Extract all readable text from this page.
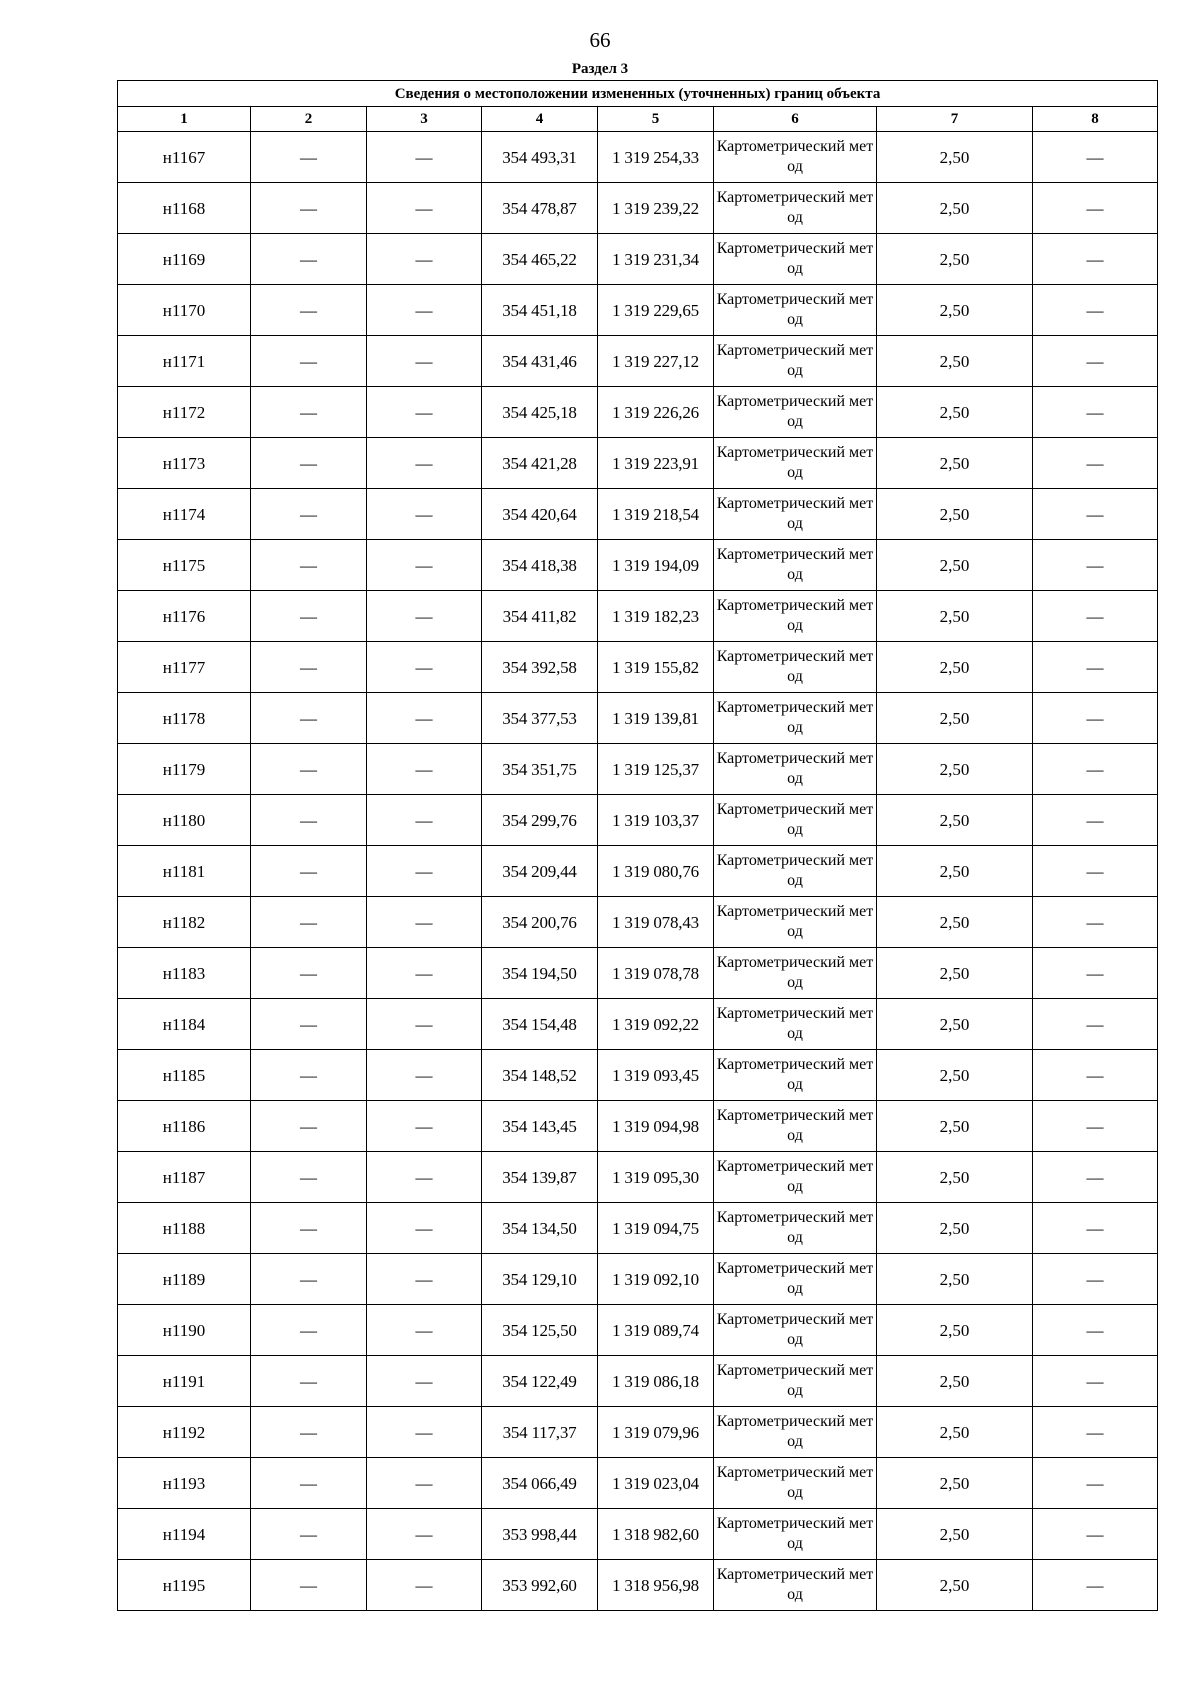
66
Раздел 3
Сведения о местоположении измененных (уточненных) границ объекта							
1	2	3	4	5	6	7	8
н1167	—	—	354 493,31	1 319 254,33	Картометрический метод	2,50	—
н1168	—	—	354 478,87	1 319 239,22	Картометрический метод	2,50	—
н1169	—	—	354 465,22	1 319 231,34	Картометрический метод	2,50	—
н1170	—	—	354 451,18	1 319 229,65	Картометрический метод	2,50	—
н1171	—	—	354 431,46	1 319 227,12	Картометрический метод	2,50	—
н1172	—	—	354 425,18	1 319 226,26	Картометрический метод	2,50	—
н1173	—	—	354 421,28	1 319 223,91	Картометрический метод	2,50	—
н1174	—	—	354 420,64	1 319 218,54	Картометрический метод	2,50	—
н1175	—	—	354 418,38	1 319 194,09	Картометрический метод	2,50	—
н1176	—	—	354 411,82	1 319 182,23	Картометрический метод	2,50	—
н1177	—	—	354 392,58	1 319 155,82	Картометрический метод	2,50	—
н1178	—	—	354 377,53	1 319 139,81	Картометрический метод	2,50	—
н1179	—	—	354 351,75	1 319 125,37	Картометрический метод	2,50	—
н1180	—	—	354 299,76	1 319 103,37	Картометрический метод	2,50	—
н1181	—	—	354 209,44	1 319 080,76	Картометрический метод	2,50	—
н1182	—	—	354 200,76	1 319 078,43	Картометрический метод	2,50	—
н1183	—	—	354 194,50	1 319 078,78	Картометрический метод	2,50	—
н1184	—	—	354 154,48	1 319 092,22	Картометрический метод	2,50	—
н1185	—	—	354 148,52	1 319 093,45	Картометрический метод	2,50	—
н1186	—	—	354 143,45	1 319 094,98	Картометрический метод	2,50	—
н1187	—	—	354 139,87	1 319 095,30	Картометрический метод	2,50	—
н1188	—	—	354 134,50	1 319 094,75	Картометрический метод	2,50	—
н1189	—	—	354 129,10	1 319 092,10	Картометрический метод	2,50	—
н1190	—	—	354 125,50	1 319 089,74	Картометрический метод	2,50	—
н1191	—	—	354 122,49	1 319 086,18	Картометрический метод	2,50	—
н1192	—	—	354 117,37	1 319 079,96	Картометрический метод	2,50	—
н1193	—	—	354 066,49	1 319 023,04	Картометрический метод	2,50	—
н1194	—	—	353 998,44	1 318 982,60	Картометрический метод	2,50	—
н1195	—	—	353 992,60	1 318 956,98	Картометрический метод	2,50	—
